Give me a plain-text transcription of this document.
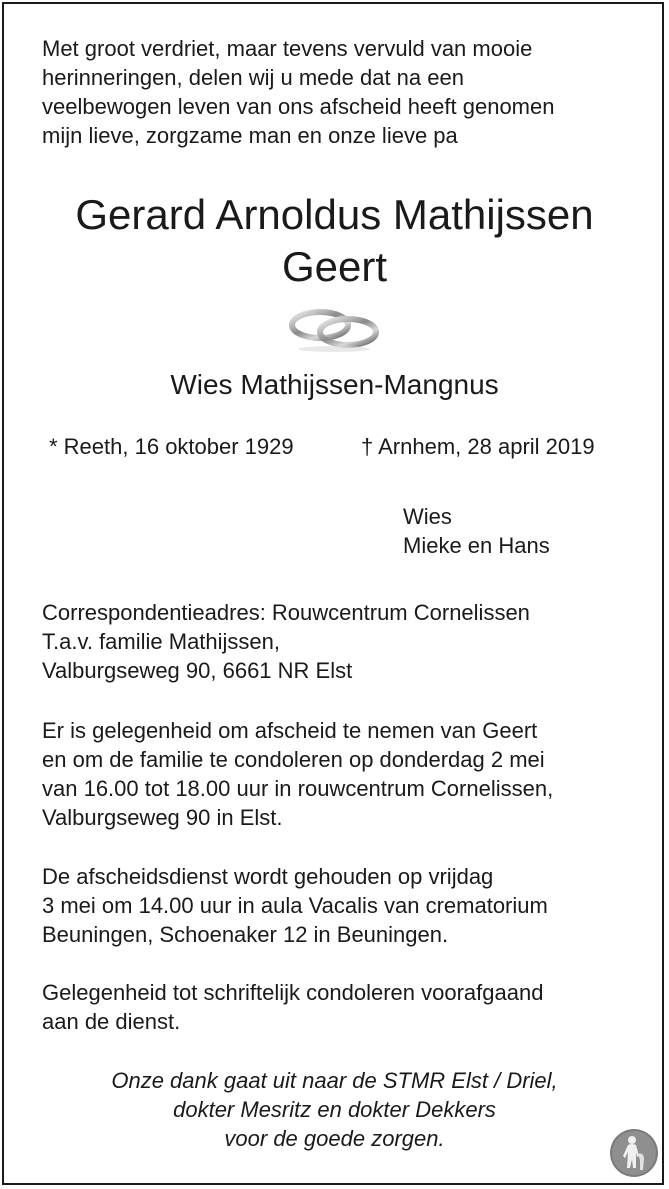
Met groot verdriet, maar tevens vervuld van mooie
herinneringen, delen wij u mede dat na een
veelbewogen leven van ons afscheid heeft genomen
mijn lieve, zorgzame man en onze lieve pa
Gerard Arnoldus Mathijssen
Geert
Wies Mathijssen-Mangnus
* Reeth, 16 oktober 1929	† Arnhem, 28 april 2019
Wies
Mieke en Hans
Correspondentieadres: Rouwcentrum Cornelissen
T.a.v. familie Mathijssen,
Valburgseweg 90, 6661 NR Elst
Er is gelegenheid om afscheid te nemen van Geert
en om de familie te condoleren op donderdag 2 mei
van 16.00 tot 18.00 uur in rouwcentrum Cornelissen,
Valburgseweg 90 in Elst.
De afscheidsdienst wordt gehouden op vrijdag
3 mei om 14.00 uur in aula Vacalis van crematorium
Beuningen, Schoenaker 12 in Beuningen.
Gelegenheid tot schriftelijk condoleren voorafgaand
aan de dienst.
Onze dank gaat uit naar de STMR Elst / Driel,
dokter Mesritz en dokter Dekkers
voor de goede zorgen.
